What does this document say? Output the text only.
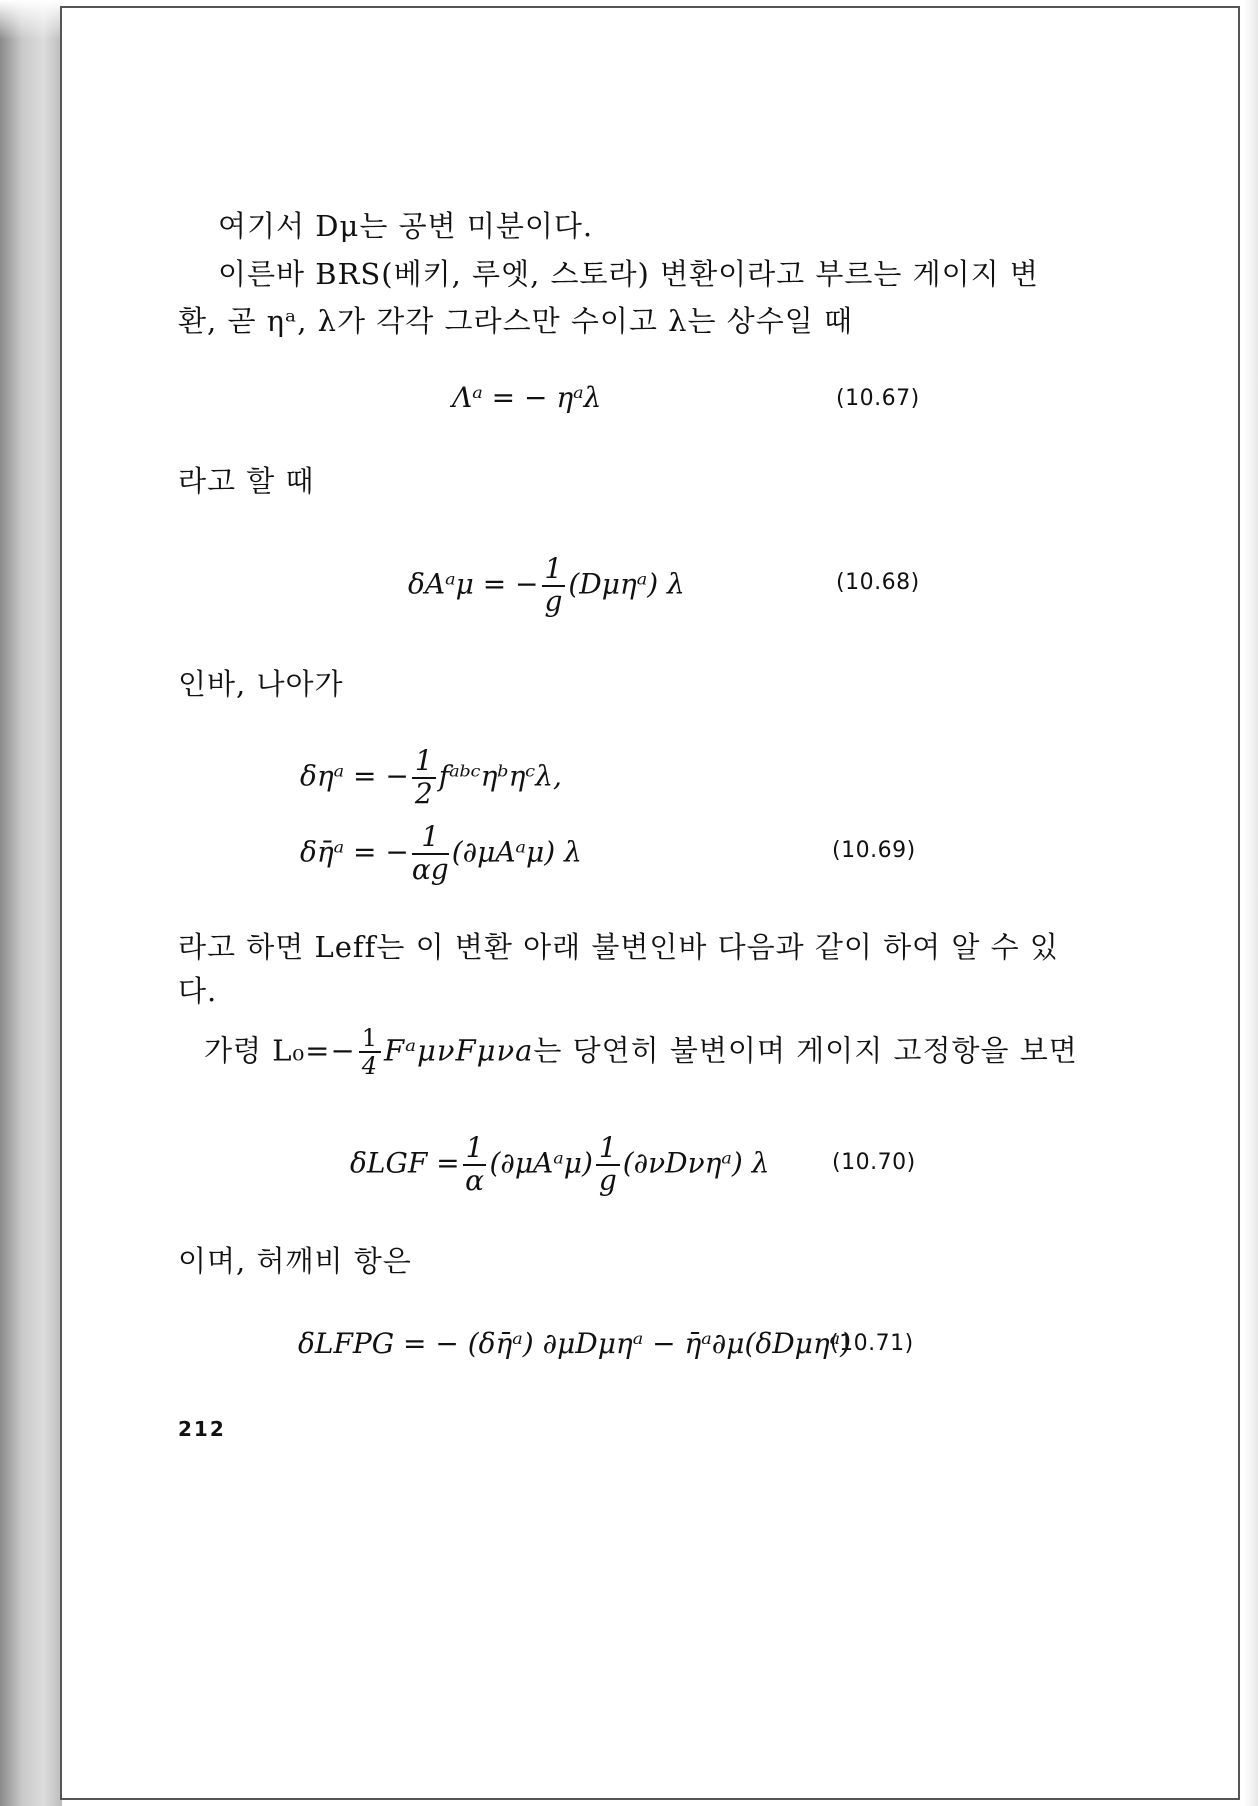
여기서 Dμ는 공변 미분이다.
이른바 BRS(베키, 루엣, 스토라) 변환이라고 부르는 게이지 변
환, 곧 ηᵃ, λ가 각각 그라스만 수이고 λ는 상수일 때
Λᵃ = − ηᵃλ	(10.67)
라고 할 때
δAᵃμ = − $\frac{1}{g}$ (Dμηᵃ) λ	(10.68)
인바, 나아가
δηᵃ = − $\frac{1}{2}$ fᵃᵇᶜηᵇηᶜλ,
δη̄ᵃ = − $\frac{1}{\alpha g}$ (∂μAᵃμ) λ	(10.69)
라고 하면 Leff는 이 변환 아래 불변인바 다음과 같이 하여 알 수 있
다.
가령 $L_0=- \frac{1}{4}$ FᵃμνFμνa는 당연히 불변이며 게이지 고정항을 보면
$\delta LGF = \frac{1}{\alpha}$ (∂μAᵃμ) $\frac{1}{g}$ (∂νDνηᵃ) λ	(10.70)
이며, 허깨비 항은
δLFPG = − (δη̄ᵃ) ∂μDμηᵃ − η̄ᵃ∂μ(δDμηᵃ)
(10.71)
212
